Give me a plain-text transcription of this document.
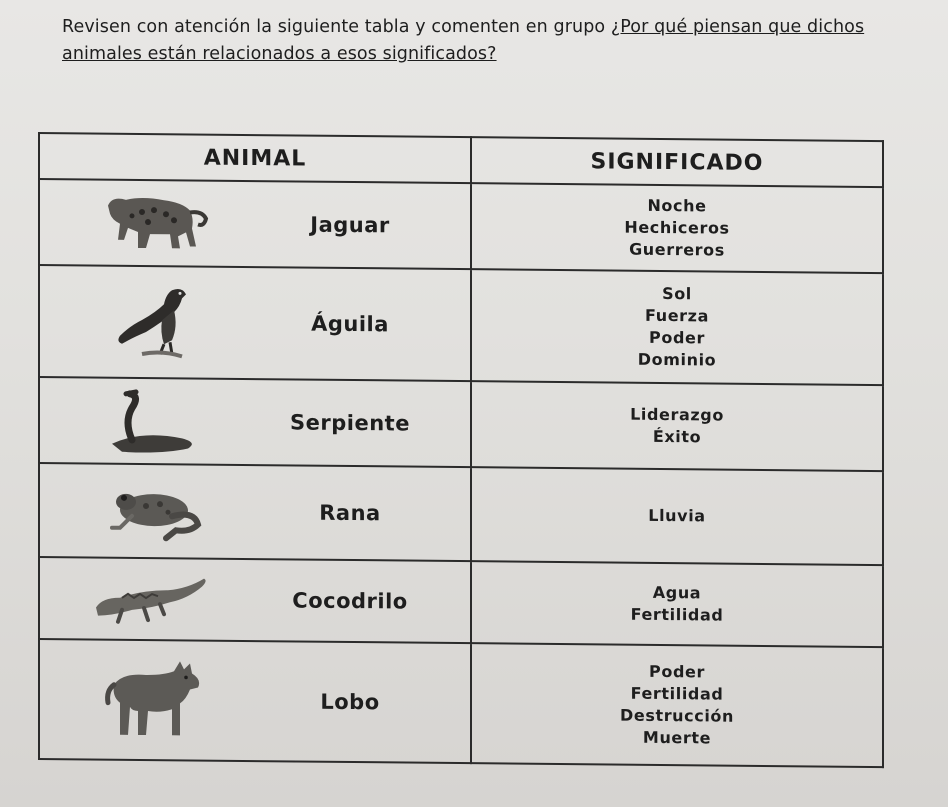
Revisen con atención la siguiente tabla y comenten en grupo ¿Por qué piensan que dichos animales están relacionados a esos significados?
ANIMAL	SIGNIFICADO

Jaguar	Noche
Hechiceros
Guerreros

Águila	Sol
Fuerza
Poder
Dominio

Serpiente	Liderazgo
Éxito

Rana	Lluvia

Cocodrilo	Agua
Fertilidad

Lobo	Poder
Fertilidad
Destrucción
Muerte
